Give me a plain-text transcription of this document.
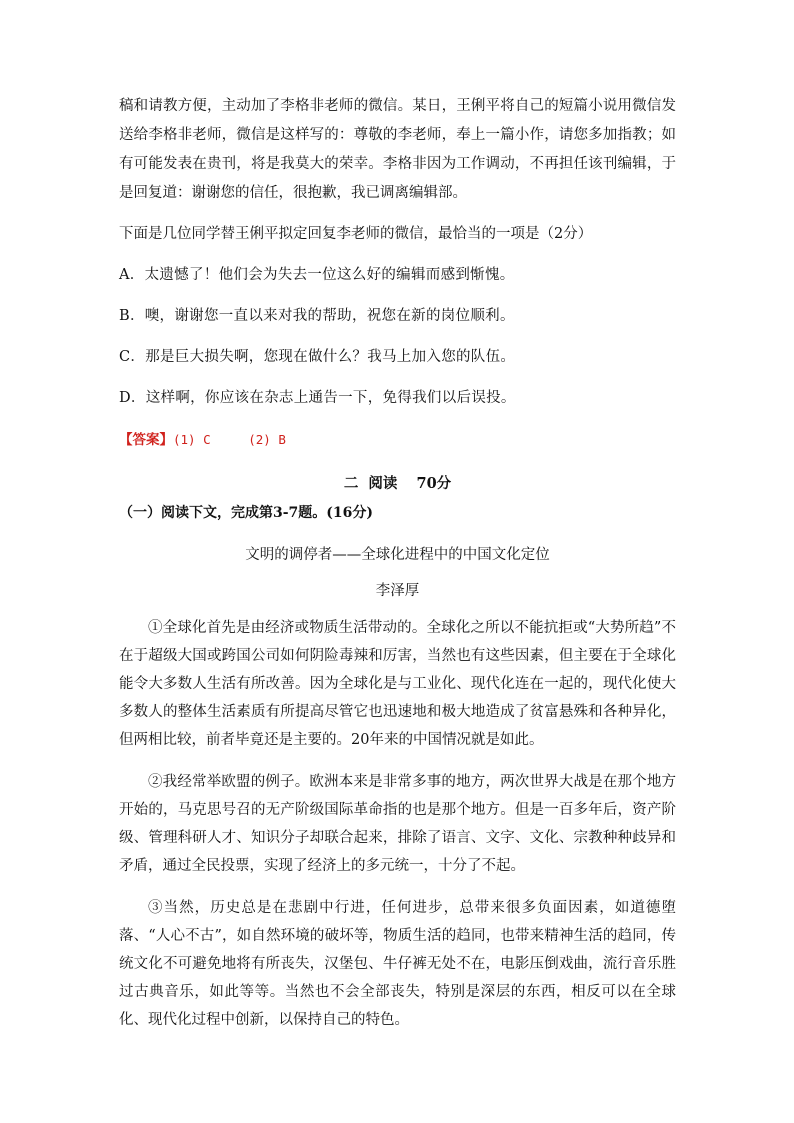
稿和请教方便，主动加了李格非老师的微信。某日，王俐平将自己的短篇小说用微信发送给李格非老师，微信是这样写的：尊敬的李老师，奉上一篇小作，请您多加指教；如有可能发表在贵刊，将是我莫大的荣幸。李格非因为工作调动，不再担任该刊编辑，于是回复道：谢谢您的信任，很抱歉，我已调离编辑部。

下面是几位同学替王俐平拟定回复李老师的微信，最恰当的一项是（2分）

A．太遗憾了！他们会为失去一位这么好的编辑而感到惭愧。

B．噢，谢谢您一直以来对我的帮助，祝您在新的岗位顺利。

C．那是巨大损失啊，您现在做什么？我马上加入您的队伍。

D．这样啊，你应该在杂志上通告一下，免得我们以后误投。

【答案】(1) C     (2) B

二  阅读 70分
（一）阅读下文，完成第3-7题。(16分)
文明的调停者——全球化进程中的中国文化定位
李泽厚

①全球化首先是由经济或物质生活带动的。全球化之所以不能抗拒或“大势所趋”不在于超级大国或跨国公司如何阴险毒辣和厉害，当然也有这些因素，但主要在于全球化能令大多数人生活有所改善。因为全球化是与工业化、现代化连在一起的，现代化使大多数人的整体生活素质有所提高尽管它也迅速地和极大地造成了贫富悬殊和各种异化，但两相比较，前者毕竟还是主要的。20年来的中国情况就是如此。

②我经常举欧盟的例子。欧洲本来是非常多事的地方，两次世界大战是在那个地方开始的，马克思号召的无产阶级国际革命指的也是那个地方。但是一百多年后，资产阶级、管理科研人才、知识分子却联合起来，排除了语言、文字、文化、宗教种种歧异和矛盾，通过全民投票，实现了经济上的多元统一，十分了不起。

③当然，历史总是在悲剧中行进，任何进步，总带来很多负面因素，如道德堕落、“人心不古”，如自然环境的破坏等，物质生活的趋同，也带来精神生活的趋同，传统文化不可避免地将有所丧失，汉堡包、牛仔裤无处不在，电影压倒戏曲，流行音乐胜过古典音乐，如此等等。当然也不会全部丧失，特别是深层的东西，相反可以在全球化、现代化过程中创新，以保持自己的特色。
